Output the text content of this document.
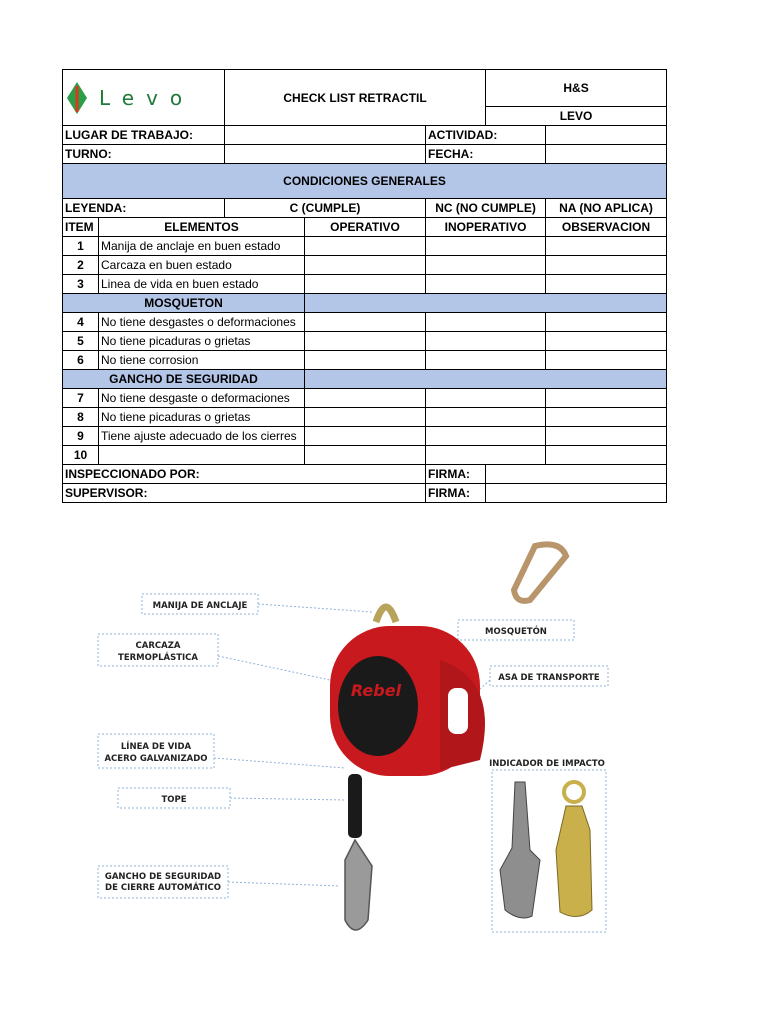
Levo		CHECK LIST RETRACTIL			H&S	
					LEVO	
LUGAR DE TRABAJO:				ACTIVIDAD:		
TURNO:				FECHA:		
CONDICIONES GENERALES						
LEYENDA:		C (CUMPLE)		NC (NO CUMPLE)		NA (NO APLICA)
ITEM	ELEMENTOS		OPERATIVO	INOPERATIVO		OBSERVACION
1	Manija de anclaje en buen estado					
2	Carcaza en buen estado					
3	Linea de vida en buen estado					
MOSQUETON						
4	No tiene desgastes o deformaciones					
5	No tiene picaduras o grietas					
6	No tiene corrosion					
GANCHO DE SEGURIDAD						
7	No tiene desgaste o deformaciones					
8	No tiene picaduras o grietas					
9	Tiene ajuste adecuado de los cierres					
10						
INSPECCIONADO POR:				FIRMA:		
SUPERVISOR:				FIRMA:		
MANIJA DE ANCLAJE
CARCAZA
TERMOPLÁSTICA
LÍNEA DE VIDA
ACERO GALVANIZADO
TOPE
GANCHO DE SEGURIDAD
DE CIERRE AUTOMÁTICO
MOSQUETÓN
ASA DE TRANSPORTE
Rebel
INDICADOR DE IMPACTO
